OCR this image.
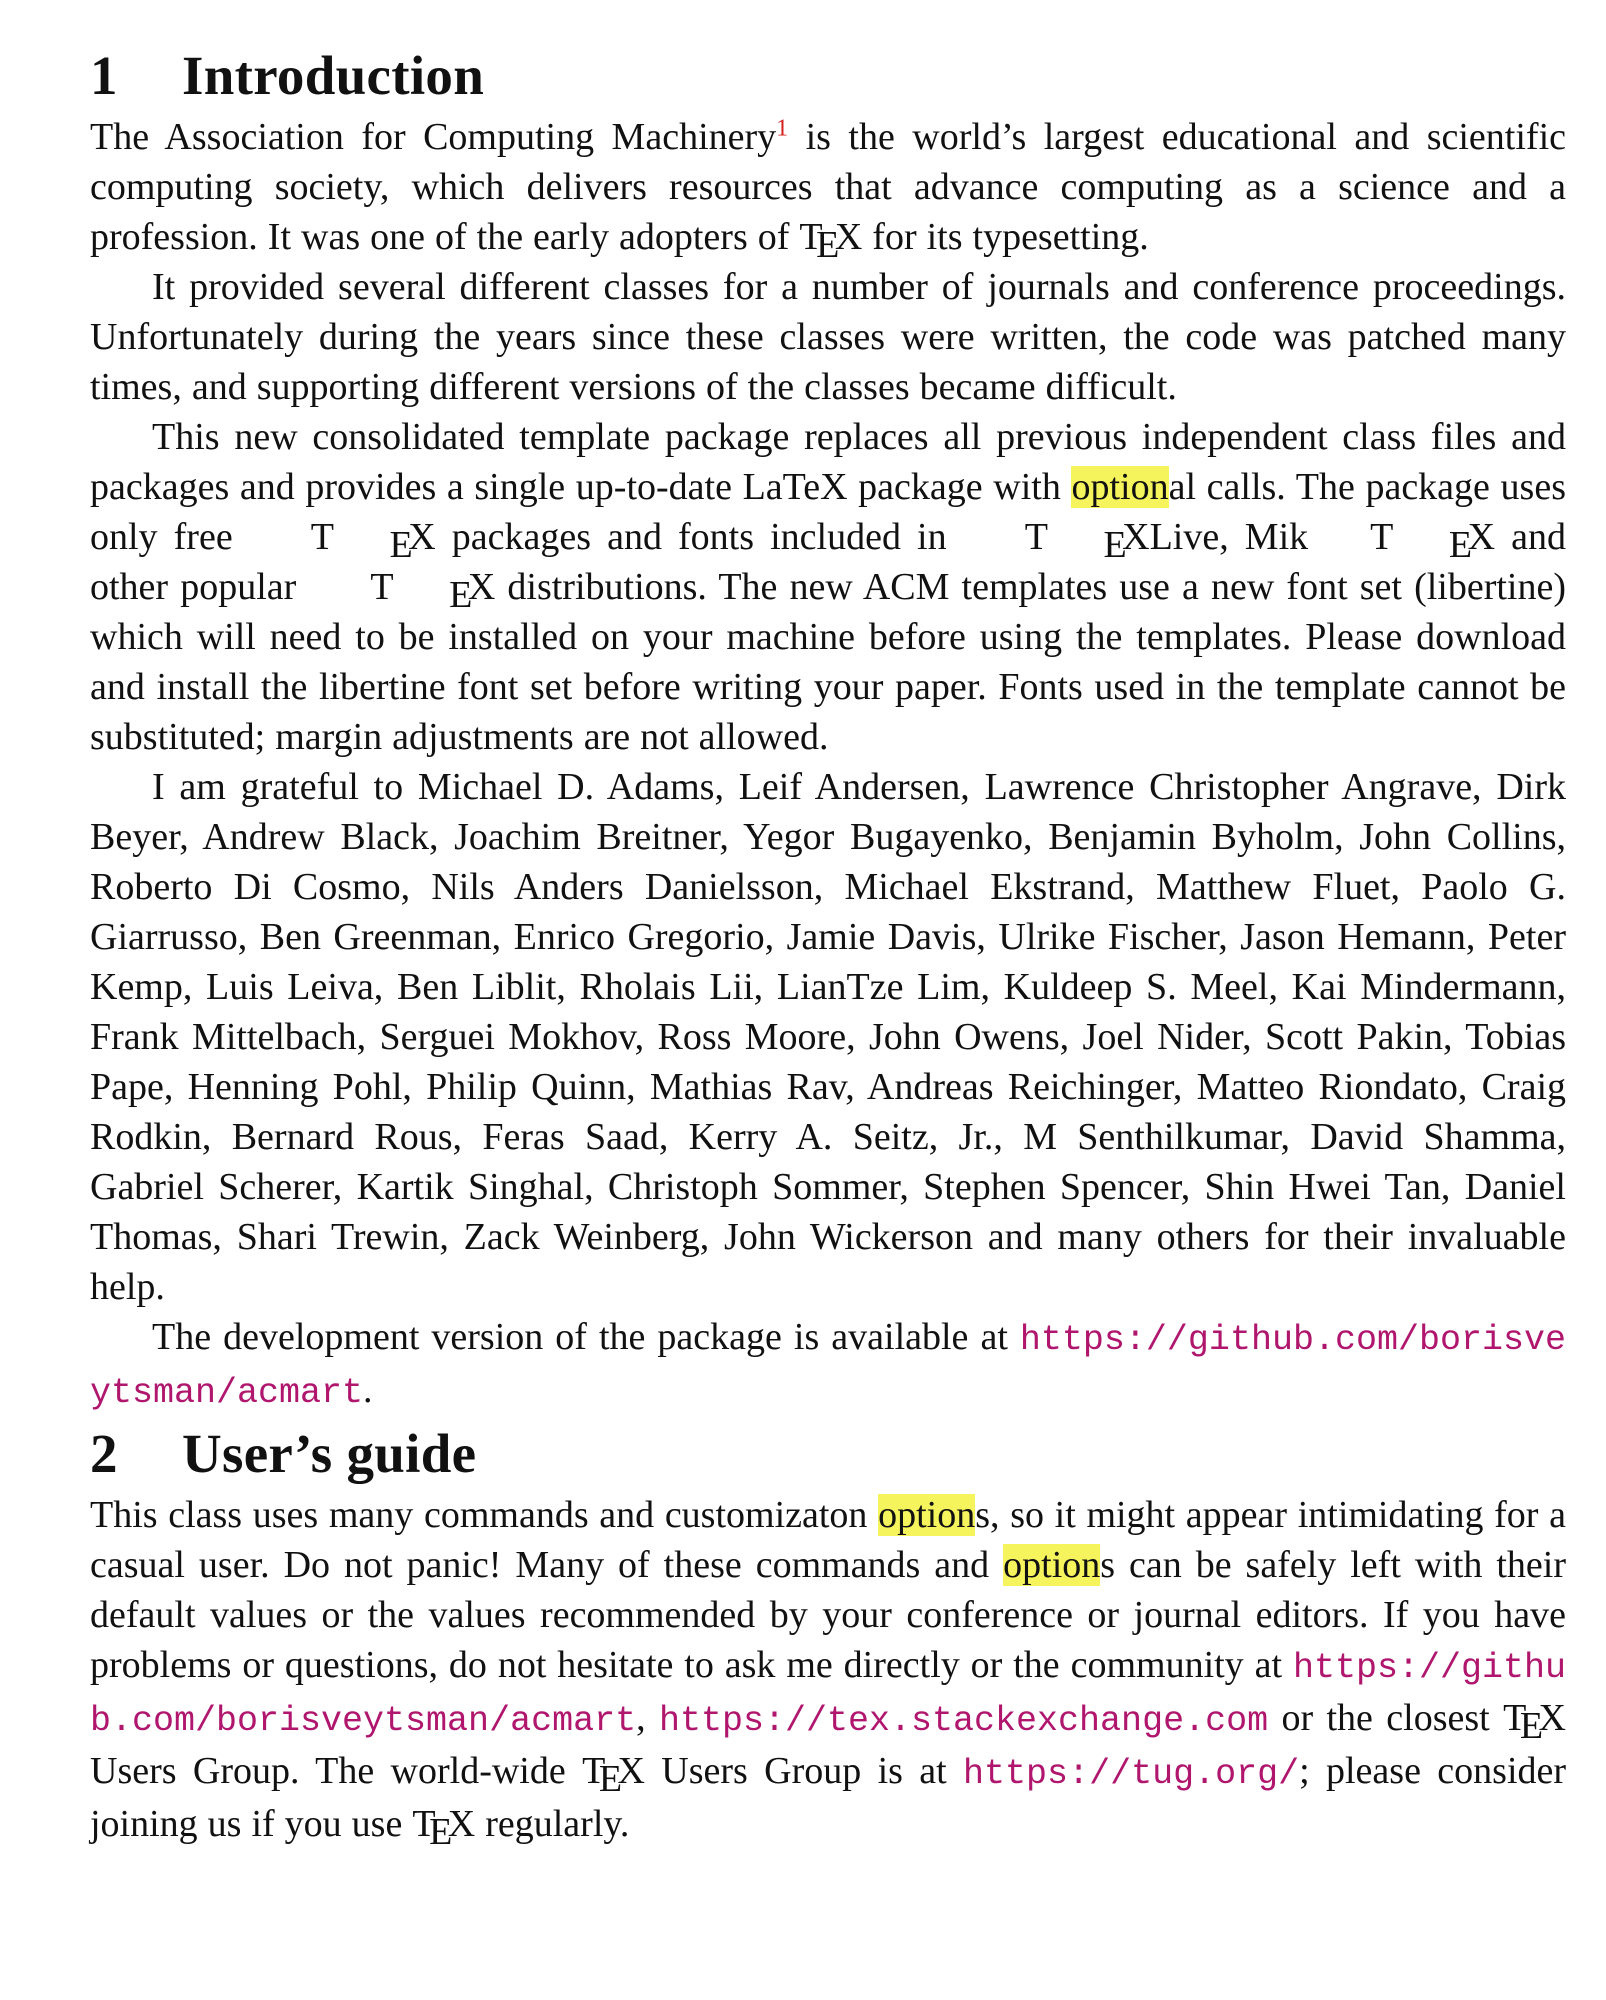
1 Introduction

The Association for Computing Machinery$^1$ is the world’s largest educational and scientific computing society, which delivers resources that advance computing as a science and a profession. It was one of the early adopters of TEX for its typesetting.

It provided several different classes for a number of journals and conference proceedings. Unfortunately during the years since these classes were written, the code was patched many times, and supporting different versions of the classes became difficult.

This new consolidated template package replaces all previous independent class files and packages and provides a single up-to-date LaTeX package with optional calls. The package uses only free T EX packages and fonts included in T EXLive, Mik T EX and other popular T EX distributions. The new ACM templates use a new font set (libertine) which will need to be installed on your machine before using the templates. Please download and install the libertine font set before writing your paper. Fonts used in the template cannot be substituted; margin adjustments are not allowed.

I am grateful to Michael D. Adams, Leif Andersen, Lawrence Christopher Angrave, Dirk Beyer, Andrew Black, Joachim Breitner, Yegor Bugayenko, Benjamin Byholm, John Collins, Roberto Di Cosmo, Nils Anders Danielsson, Michael Ekstrand, Matthew Fluet, Paolo G. Giarrusso, Ben Greenman, Enrico Gregorio, Jamie Davis, Ulrike Fischer, Jason Hemann, Peter Kemp, Luis Leiva, Ben Liblit, Rholais Lii, LianTze Lim, Kuldeep S. Meel, Kai Mindermann, Frank Mittelbach, Serguei Mokhov, Ross Moore, John Owens, Joel Nider, Scott Pakin, Tobias Pape, Henning Pohl, Philip Quinn, Mathias Rav, Andreas Reichinger, Matteo Riondato, Craig Rodkin, Bernard Rous, Feras Saad, Kerry A. Seitz, Jr., M Senthilkumar, David Shamma, Gabriel Scherer, Kartik Singhal, Christoph Sommer, Stephen Spencer, Shin Hwei Tan, Daniel Thomas, Shari Trewin, Zack Weinberg, John Wickerson and many others for their invaluable help.

The development version of the package is available at https://github.com/borisveytsman/acmart.

2 User’s guide

This class uses many commands and customizaton options, so it might appear intimidating for a casual user. Do not panic! Many of these commands and options can be safely left with their default values or the values recommended by your conference or journal editors. If you have problems or questions, do not hesitate to ask me directly or the community at https://github.com/borisveytsman/acmart, https://tex.stackexchange.com or the closest TEX Users Group. The world-wide TEX Users Group is at https://tug.org/; please consider joining us if you use TEX regularly.
